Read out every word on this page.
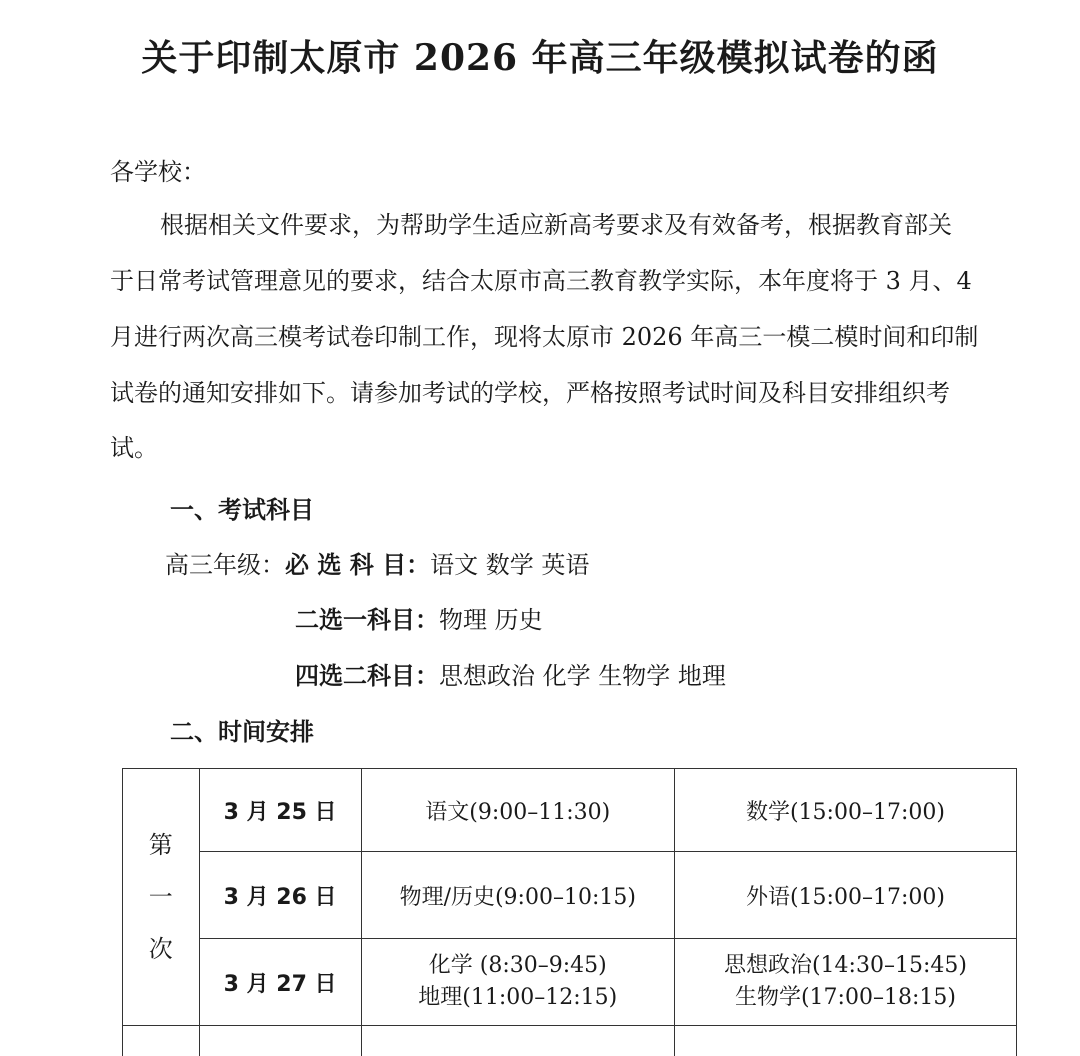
关于印制太原市 2026 年高三年级模拟试卷的函
各学校：
根据相关文件要求，为帮助学生适应新高考要求及有效备考，根据教育部关
于日常考试管理意见的要求，结合太原市高三教育教学实际，本年度将于 3 月、4
月进行两次高三模考试卷印制工作，现将太原市 2026 年高三一模二模时间和印制
试卷的通知安排如下。请参加考试的学校，严格按照考试时间及科目安排组织考
试。
一、考试科目
高三年级：必 选 科 目：语文 数学 英语
二选一科目：物理 历史
四选二科目：思想政治 化学 生物学 地理
二、时间安排
第
一
次	3 月 25 日	语文(9:00–11:30)	数学(15:00–17:00)
	3 月 26 日	物理/历史(9:00–10:15)	外语(15:00–17:00)
	3 月 27 日	化学 (8:30–9:45)
地理(11:00–12:15)	思想政治(14:30–15:45)
生物学(17:00–18:15)
